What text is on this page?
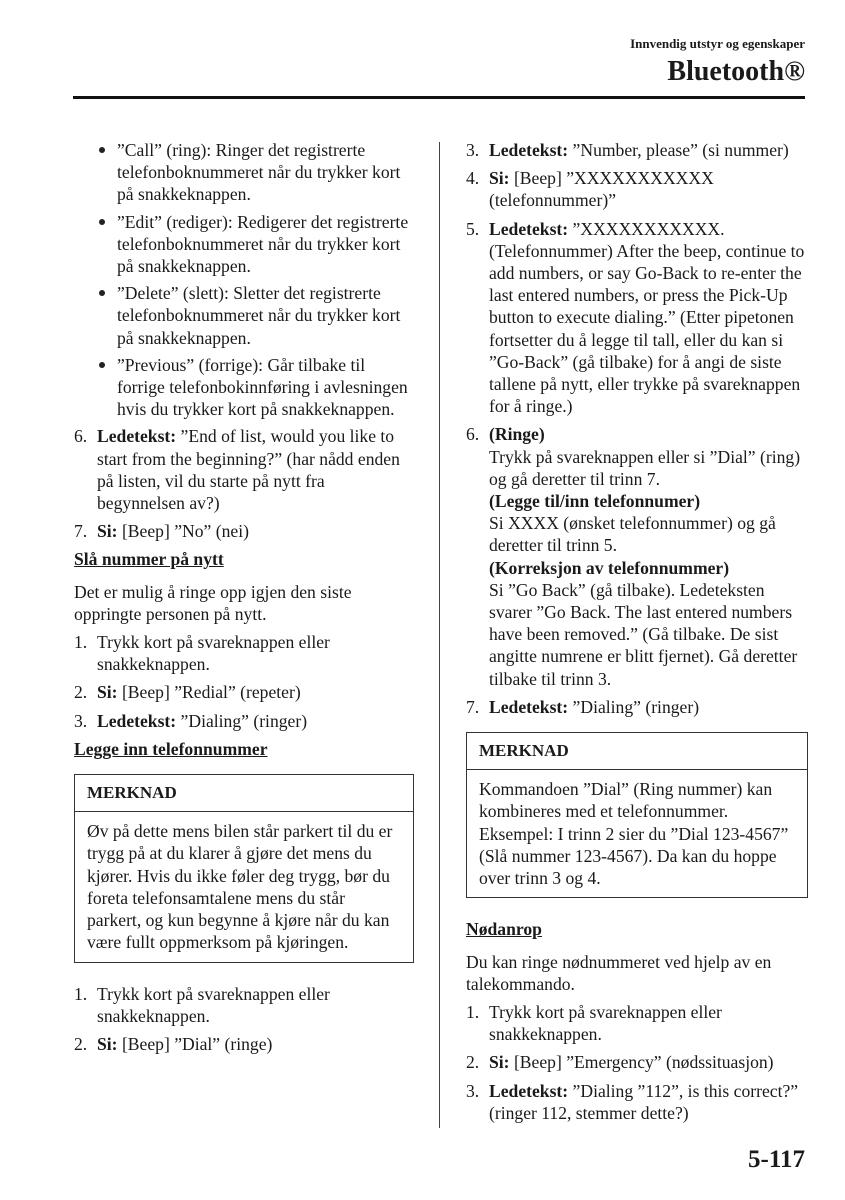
Innvendig utstyr og egenskaper
Bluetooth®
”Call” (ring): Ringer det registrerte telefonboknummeret når du trykker kort på snakkeknappen.
”Edit” (rediger): Redigerer det registrerte telefonboknummeret når du trykker kort på snakkeknappen.
”Delete” (slett): Sletter det registrerte telefonboknummeret når du trykker kort på snakkeknappen.
”Previous” (forrige): Går tilbake til forrige telefonbokinnføring i avlesningen hvis du trykker kort på snakkeknappen.
6. Ledetekst: ”End of list, would you like to start from the beginning?” (har nådd enden på listen, vil du starte på nytt fra begynnelsen av?)
7. Si: [Beep] ”No” (nei)
Slå nummer på nytt
Det er mulig å ringe opp igjen den siste oppringte personen på nytt.
1. Trykk kort på svareknappen eller snakkeknappen.
2. Si: [Beep] ”Redial” (repeter)
3. Ledetekst: ”Dialing” (ringer)
Legge inn telefonnummer
MERKNAD
Øv på dette mens bilen står parkert til du er trygg på at du klarer å gjøre det mens du kjører. Hvis du ikke føler deg trygg, bør du foreta telefonsamtalene mens du står parkert, og kun begynne å kjøre når du kan være fullt oppmerksom på kjøringen.
1. Trykk kort på svareknappen eller snakkeknappen.
2. Si: [Beep] ”Dial” (ringe)
3. Ledetekst: ”Number, please” (si nummer)
4. Si: [Beep] ”XXXXXXXXXXX (telefonnummer)”
5. Ledetekst: ”XXXXXXXXXXX. (Telefonnummer) After the beep, continue to add numbers, or say Go-Back to re-enter the last entered numbers, or press the Pick-Up button to execute dialing.” (Etter pipetonen fortsetter du å legge til tall, eller du kan si ”Go-Back” (gå tilbake) for å angi de siste tallene på nytt, eller trykke på svareknappen for å ringe.)
6. (Ringe)
Trykk på svareknappen eller si ”Dial” (ring) og gå deretter til trinn 7.
(Legge til/inn telefonnumer)
Si XXXX (ønsket telefonnummer) og gå deretter til trinn 5.
(Korreksjon av telefonnummer)
Si ”Go Back” (gå tilbake). Ledeteksten svarer ”Go Back. The last entered numbers have been removed.” (Gå tilbake. De sist angitte numrene er blitt fjernet). Gå deretter tilbake til trinn 3.
7. Ledetekst: ”Dialing” (ringer)
MERKNAD
Kommandoen ”Dial” (Ring nummer) kan kombineres med et telefonnummer. Eksempel: I trinn 2 sier du ”Dial 123-4567” (Slå nummer 123-4567). Da kan du hoppe over trinn 3 og 4.
Nødanrop
Du kan ringe nødnummeret ved hjelp av en talekommando.
1. Trykk kort på svareknappen eller snakkeknappen.
2. Si: [Beep] ”Emergency” (nødssituasjon)
3. Ledetekst: ”Dialing ”112”, is this correct?” (ringer 112, stemmer dette?)
5-117
